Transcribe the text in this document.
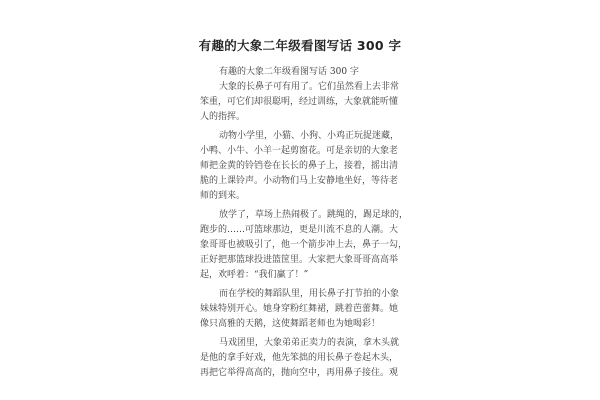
有趣的大象二年级看图写话 300 字
有趣的大象二年级看图写话 300 字
大象的长鼻子可有用了。它们虽然看上去非常
笨重，可它们却很聪明，经过训练，大象就能听懂
人的指挥。
动物小学里，小猫、小狗、小鸡正玩捉迷藏，
小鸭、小牛、小羊一起剪窗花。可是亲切的大象老
师把金黄的铃铛卷在长长的鼻子上，接着，摇出清
脆的上课铃声。小动物们马上安静地坐好，等待老
师的到来。
放学了，草场上热闹极了。跳绳的，踢足球的，
跑步的……可篮球那边，更是川流不息的人潮。大
象哥哥也被吸引了，他一个箭步冲上去，鼻子一勾，
正好把那篮球投进篮筐里。大家把大象哥哥高高举
起，欢呼着：“我们赢了！”
而在学校的舞蹈队里，用长鼻子打节拍的小象
妹妹特别开心。她身穿粉红舞裙，跳着芭蕾舞。她
像只高雅的天鹅，这使舞蹈老师也为她喝彩！
马戏团里，大象弟弟正卖力的表演，拿木头就
是他的拿手好戏，他先笨拙的用长鼻子卷起木头，
再把它举得高高的，抛向空中，再用鼻子接住。观
